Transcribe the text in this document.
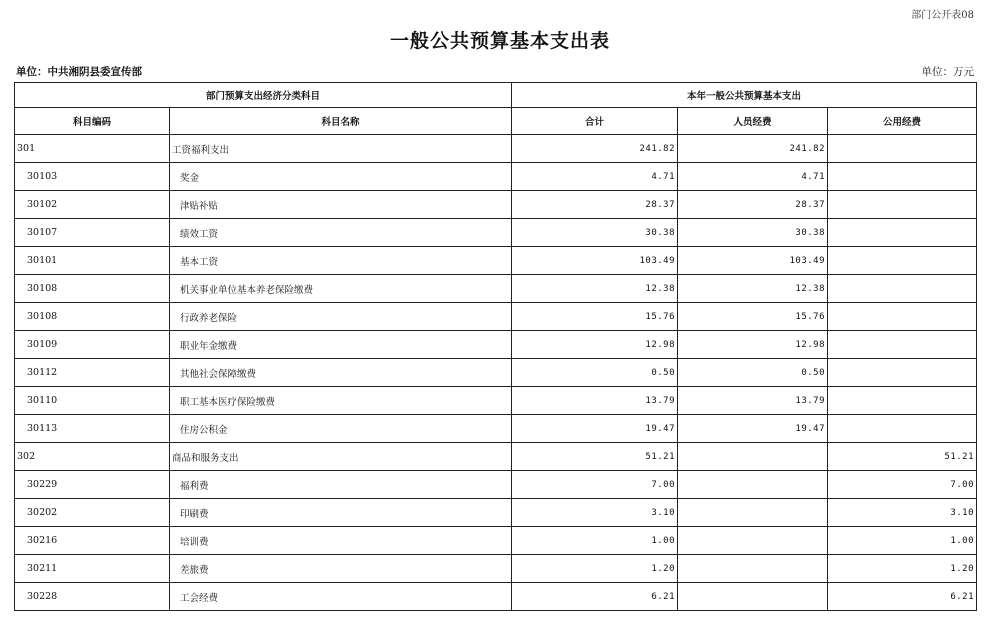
部门公开表08
一般公共预算基本支出表
单位：中共湘阴县委宣传部	单位：万元
部门预算支出经济分类科目		本年一般公共预算基本支出		
科目编码	科目名称	合计	人员经费	公用经费
301	工资福利支出	241.82	241.82	
30103	奖金	4.71	4.71	
30102	津贴补贴	28.37	28.37	
30107	绩效工资	30.38	30.38	
30101	基本工资	103.49	103.49	
30108	机关事业单位基本养老保险缴费	12.38	12.38	
30108	行政养老保险	15.76	15.76	
30109	职业年金缴费	12.98	12.98	
30112	其他社会保障缴费	0.50	0.50	
30110	职工基本医疗保险缴费	13.79	13.79	
30113	住房公积金	19.47	19.47	
302	商品和服务支出	51.21		51.21
30229	福利费	7.00		7.00
30202	印刷费	3.10		3.10
30216	培训费	1.00		1.00
30211	差旅费	1.20		1.20
30228	工会经费	6.21		6.21
